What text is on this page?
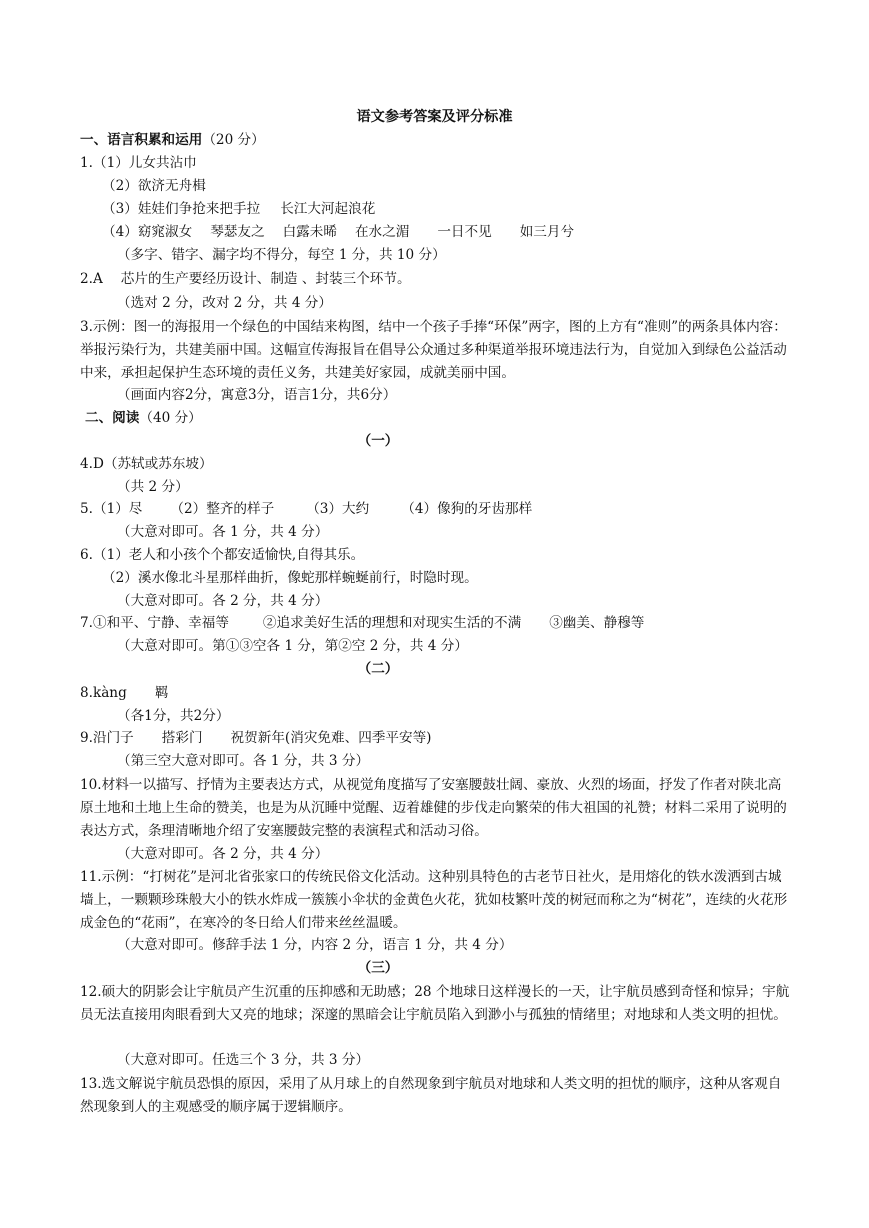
语文参考答案及评分标准
一、语言积累和运用（20 分）
1.（1）儿女共沾巾
（2）欲济无舟楫
（3）娃娃们争抢来把手拉 长江大河起浪花
（4）窈窕淑女 琴瑟友之 白露未晞 在水之湄 一日不见 如三月兮
（多字、错字、漏字均不得分，每空 1 分，共 10 分）
2.A 芯片的生产要经历设计、制造 、封装三个环节。
（选对 2 分，改对 2 分，共 4 分）
3.示例：图一的海报用一个绿色的中国结来构图，结中一个孩子手捧“环保”两字，图的上方有“准则”的两条具体内容：举报污染行为，共建美丽中国。这幅宣传海报旨在倡导公众通过多种渠道举报环境违法行为，自觉加入到绿色公益活动中来，承担起保护生态环境的责任义务，共建美好家园，成就美丽中国。
（画面内容2分，寓意3分，语言1分，共6分）
二、阅读（40 分）
（一）
4.D（苏轼或苏东坡）
（共 2 分）
5.（1）尽 （2）整齐的样子 （3）大约 （4）像狗的牙齿那样
（大意对即可。各 1 分，共 4 分）
6.（1）老人和小孩个个都安适愉快,自得其乐。
（2）溪水像北斗星那样曲折，像蛇那样蜿蜒前行，时隐时现。
（大意对即可。各 2 分，共 4 分）
7.①和平、宁静、幸福等	②追求美好生活的理想和对现实生活的不满 ③幽美、静穆等
（大意对即可。第①③空各 1 分，第②空 2 分，共 4 分）
（二）
8.kàng 羁
（各1分，共2分）
9.沿门子 搭彩门 祝贺新年(消灾免难、四季平安等)
（第三空大意对即可。各 1 分，共 3 分）
10.材料一以描写、抒情为主要表达方式，从视觉角度描写了安塞腰鼓壮阔、豪放、火烈的场面，抒发了作者对陕北高原土地和土地上生命的赞美，也是为从沉睡中觉醒、迈着雄健的步伐走向繁荣的伟大祖国的礼赞；材料二采用了说明的表达方式，条理清晰地介绍了安塞腰鼓完整的表演程式和活动习俗。
（大意对即可。各 2 分，共 4 分）
11.示例：“打树花”是河北省张家口的传统民俗文化活动。这种别具特色的古老节日社火，是用熔化的铁水泼洒到古城墙上，一颗颗珍珠般大小的铁水炸成一簇簇小伞状的金黄色火花，犹如枝繁叶茂的树冠而称之为“树花”，连续的火花形成金色的“花雨”，在寒冷的冬日给人们带来丝丝温暖。
（大意对即可。修辞手法 1 分，内容 2 分，语言 1 分，共 4 分）
（三）
12.硕大的阴影会让宇航员产生沉重的压抑感和无助感；28 个地球日这样漫长的一天，让宇航员感到奇怪和惊异；宇航员无法直接用肉眼看到大又亮的地球；深邃的黑暗会让宇航员陷入到渺小与孤独的情绪里；对地球和人类文明的担忧。
（大意对即可。任选三个 3 分，共 3 分）
13.选文解说宇航员恐惧的原因，采用了从月球上的自然现象到宇航员对地球和人类文明的担忧的顺序，这种从客观自然现象到人的主观感受的顺序属于逻辑顺序。
